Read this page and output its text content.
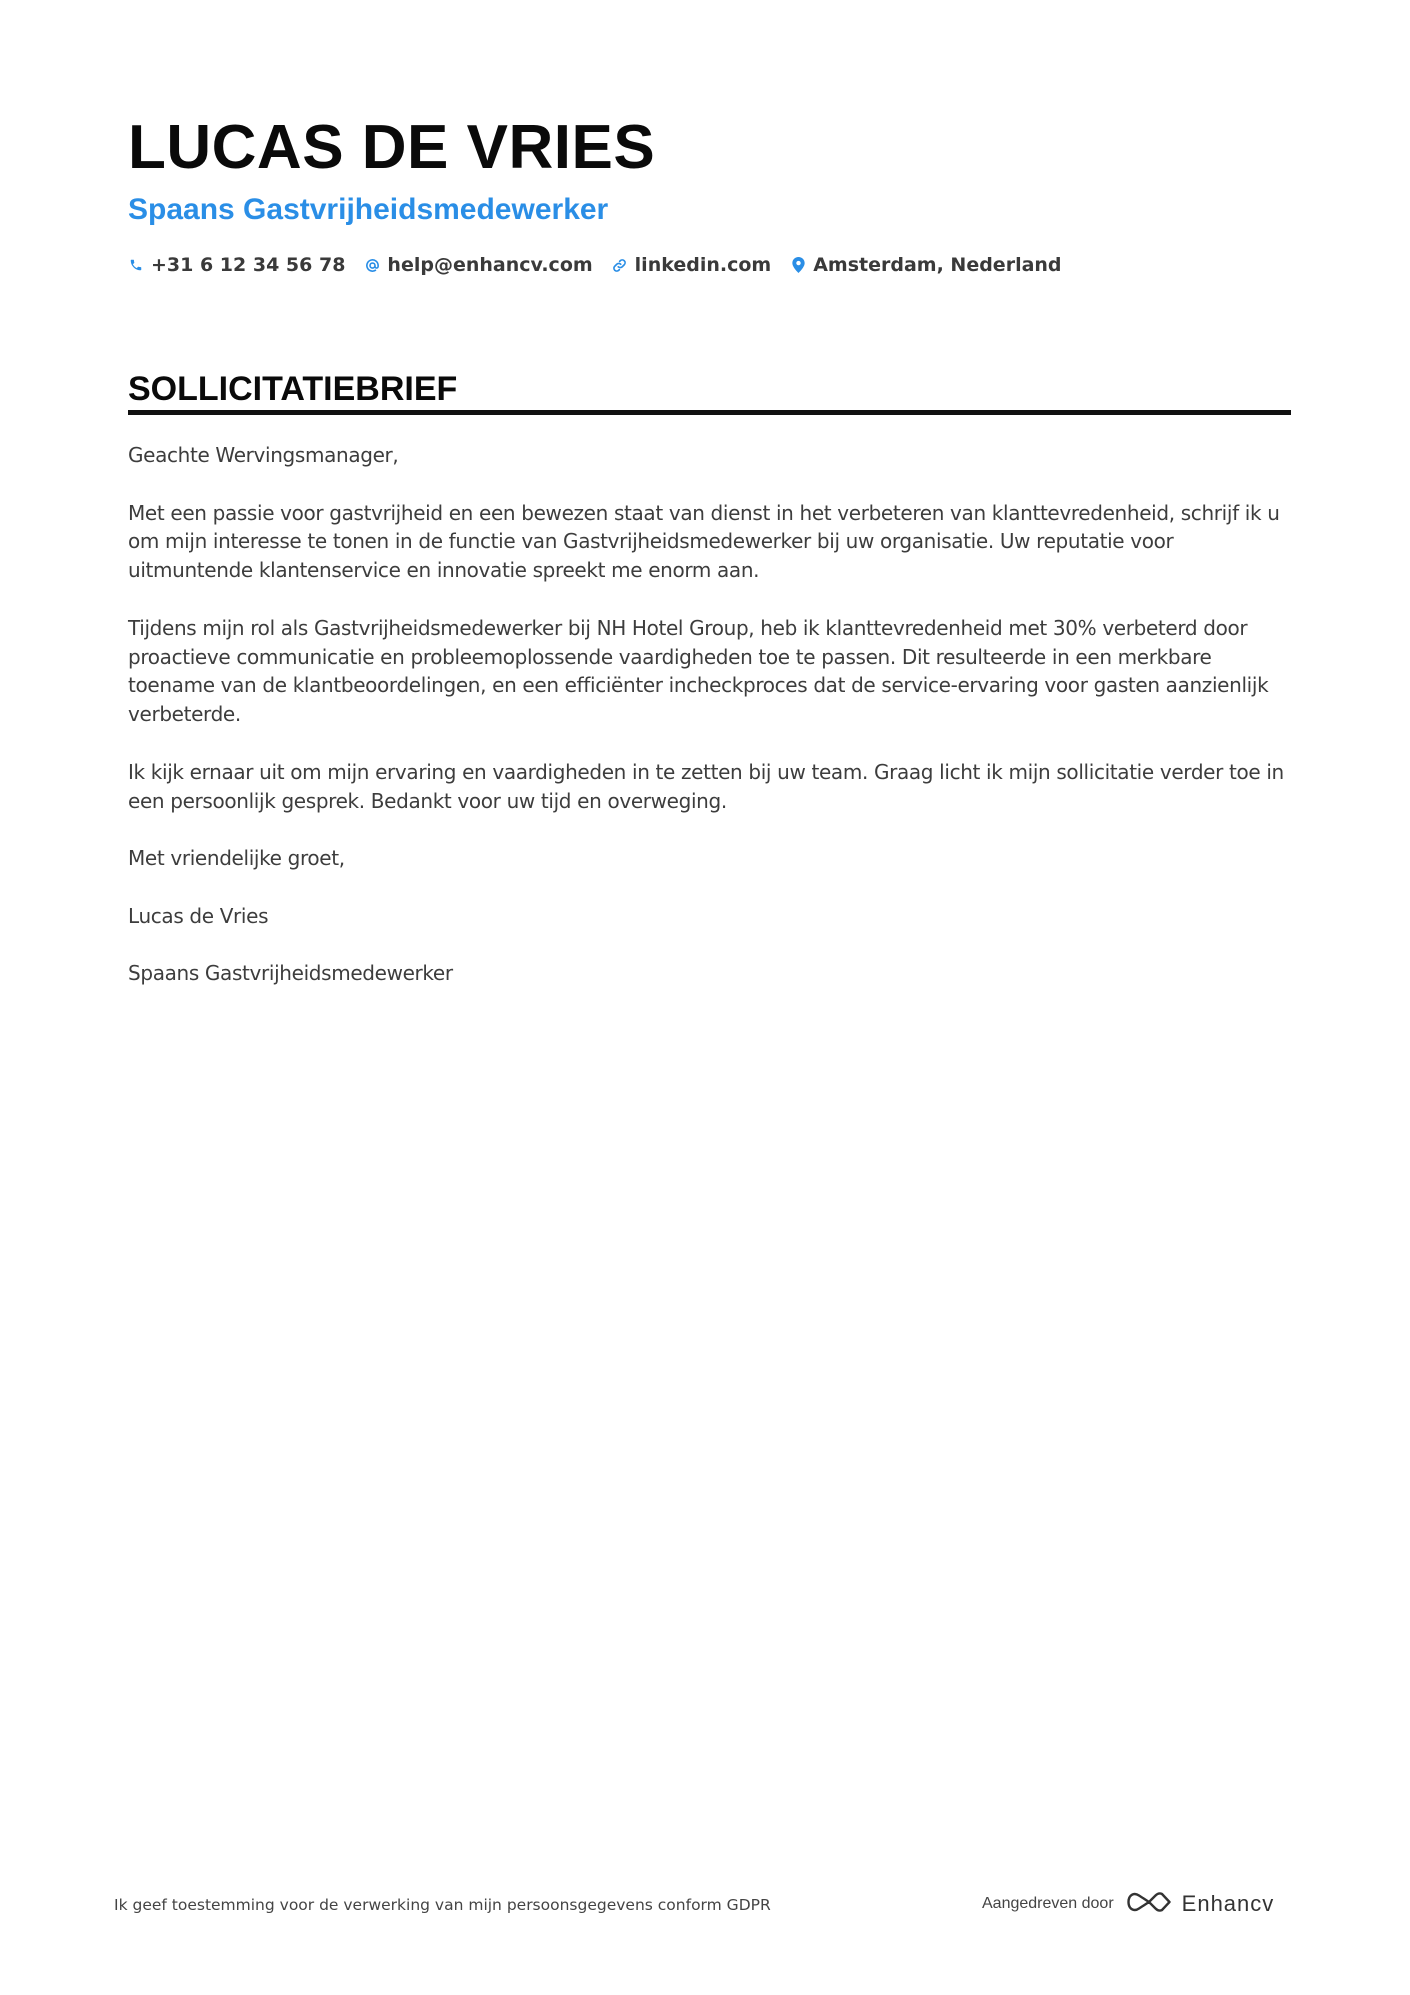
LUCAS DE VRIES
Spaans Gastvrijheidsmedewerker
+31 6 12 34 56 78 help@enhancv.com linkedin.com Amsterdam, Nederland
SOLLICITATIEBRIEF

Geachte Wervingsmanager,

Met een passie voor gastvrijheid en een bewezen staat van dienst in het verbeteren van klanttevredenheid, schrijf ik u om mijn interesse te tonen in de functie van Gastvrijheidsmedewerker bij uw organisatie. Uw reputatie voor uitmuntende klantenservice en innovatie spreekt me enorm aan.

Tijdens mijn rol als Gastvrijheidsmedewerker bij NH Hotel Group, heb ik klanttevredenheid met 30% verbeterd door proactieve communicatie en probleemoplossende vaardigheden toe te passen. Dit resulteerde in een merkbare toename van de klantbeoordelingen, en een efficiënter incheckproces dat de service-ervaring voor gasten aanzienlijk verbeterde.

Ik kijk ernaar uit om mijn ervaring en vaardigheden in te zetten bij uw team. Graag licht ik mijn sollicitatie verder toe in een persoonlijk gesprek. Bedankt voor uw tijd en overweging.

Met vriendelijke groet,

Lucas de Vries

Spaans Gastvrijheidsmedewerker

Ik geef toestemming voor de verwerking van mijn persoonsgegevens conform GDPR	Aangedreven door	Enhancv
